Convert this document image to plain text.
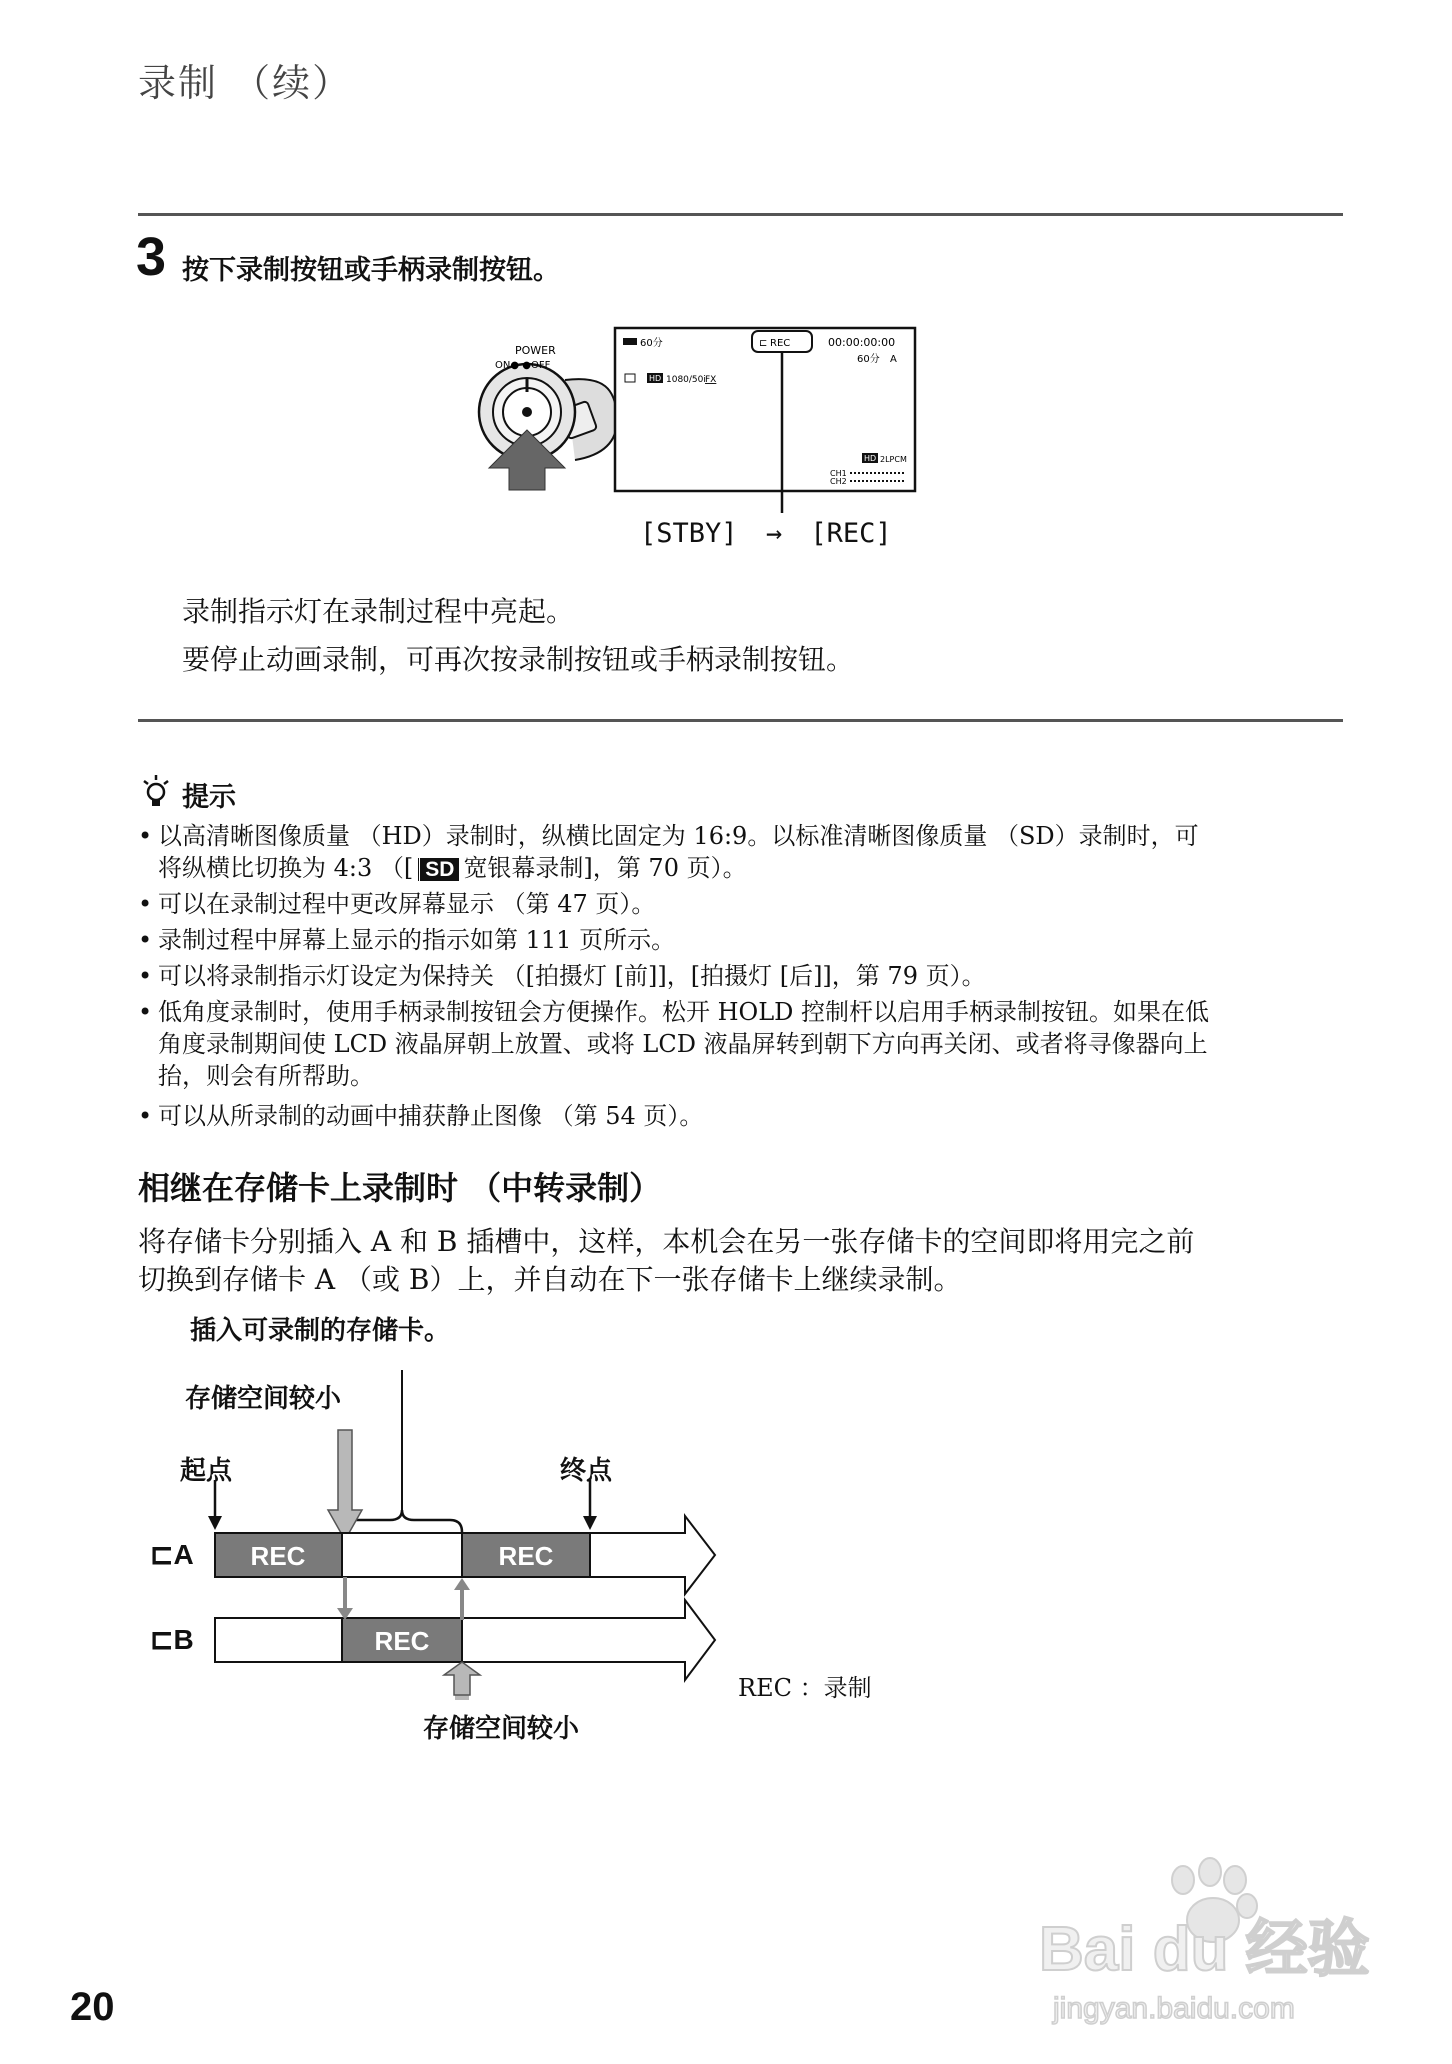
录制 （续）
3 按下录制按钮或手柄录制按钮。
POWER
ON● ●OFF
60分	⊏ REC	00:00:00:00
60分 A
HD 1080/50i FX
HD 2LPCM
CH1
CH2
[STBY] → [REC]
录制指示灯在录制过程中亮起。
要停止动画录制，可再次按录制按钮或手柄录制按钮。
提示
• 以高清晰图像质量 （HD）录制时，纵横比固定为 16:9。以标准清晰图像质量 （SD）录制时，可
将纵横比切换为 4:3 （[ SD 宽银幕录制]，第 70 页）。
• 可以在录制过程中更改屏幕显示 （第 47 页）。
• 录制过程中屏幕上显示的指示如第 111 页所示。
• 可以将录制指示灯设定为保持关 （[拍摄灯 [前]]，[拍摄灯 [后]]，第 79 页）。
• 低角度录制时，使用手柄录制按钮会方便操作。松开 HOLD 控制杆以启用手柄录制按钮。如果在低
角度录制期间使 LCD 液晶屏朝上放置、或将 LCD 液晶屏转到朝下方向再关闭、或者将寻像器向上
抬，则会有所帮助。
• 可以从所录制的动画中捕获静止图像 （第 54 页）。
相继在存储卡上录制时 （中转录制）
将存储卡分别插入 A 和 B 插槽中，这样，本机会在另一张存储卡的空间即将用完之前
切换到存储卡 A （或 B）上，并自动在下一张存储卡上继续录制。
插入可录制的存储卡。
存储空间较小
起点	终点
REC	REC
REC
⊏A
⊏B
存储空间较小
REC ：录制
20
Bai du 经验
jingyan.baidu.com
